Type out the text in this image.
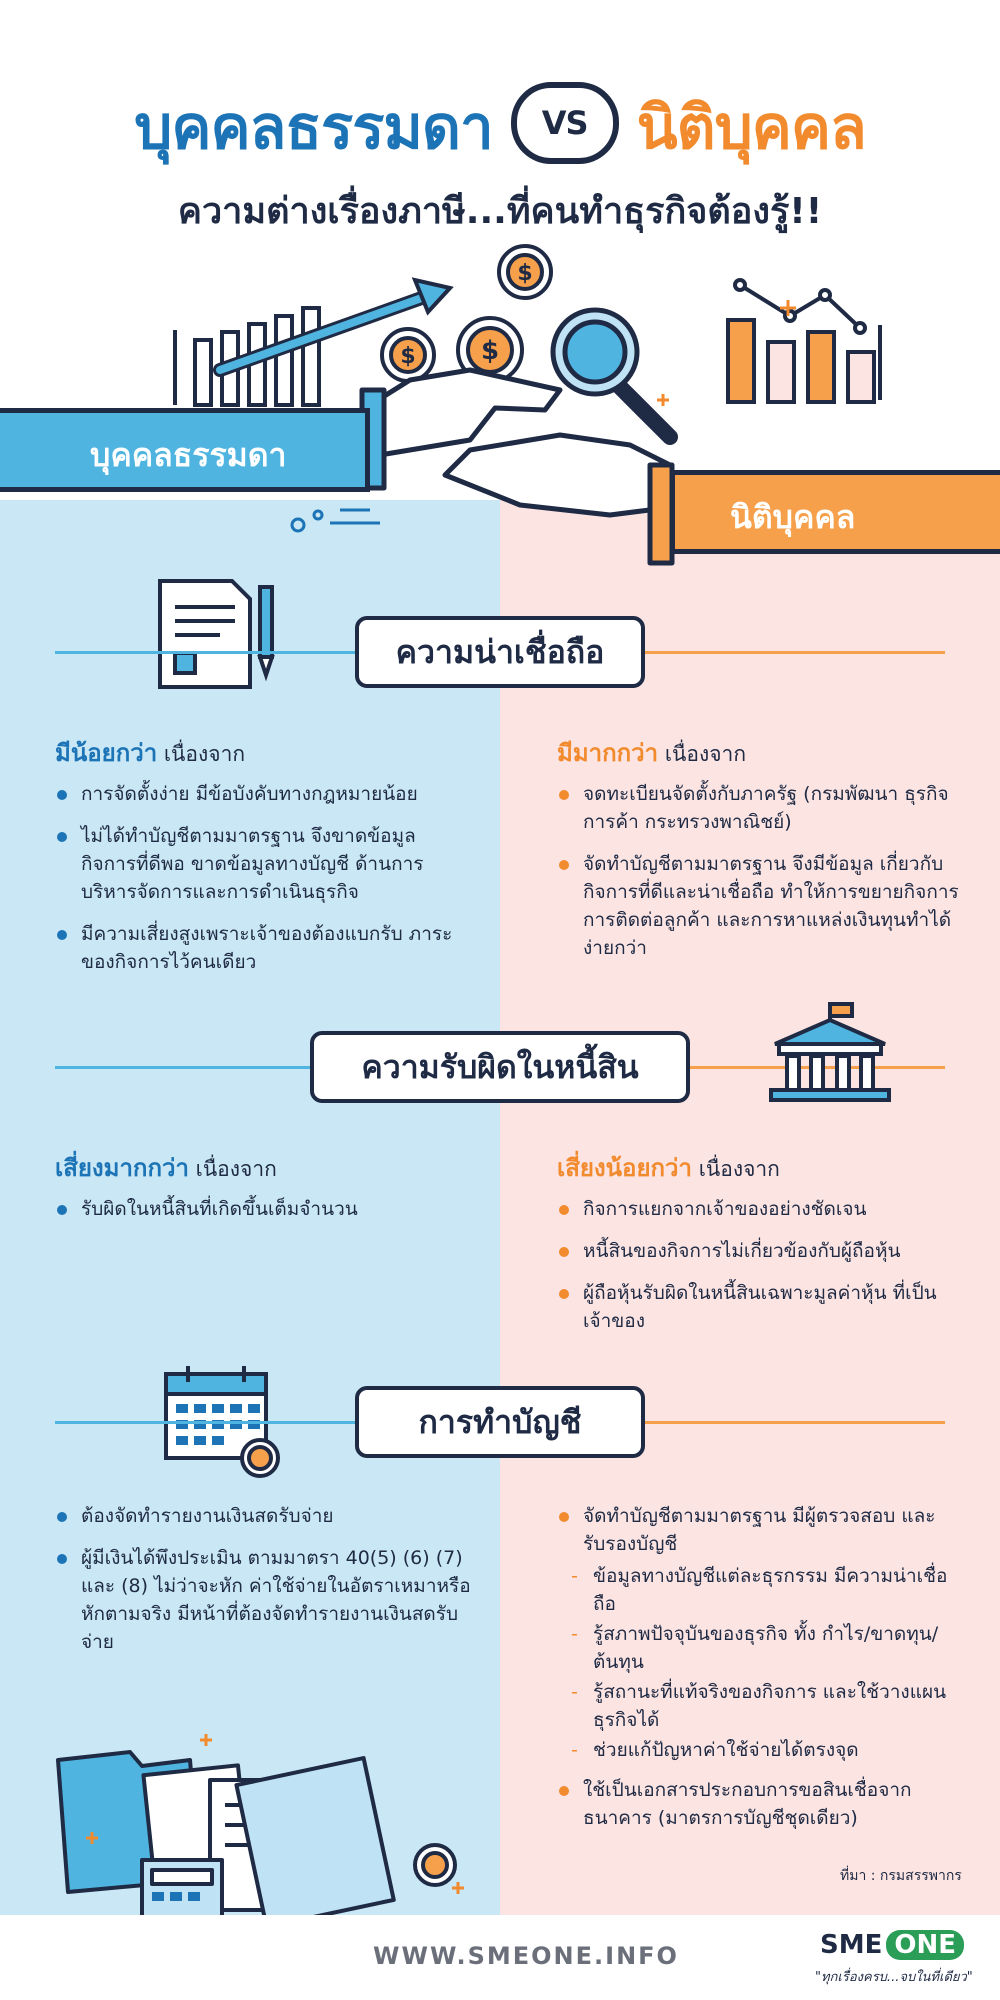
บุคคลธรรมดา VS นิติบุคคล
ความต่างเรื่องภาษี...ที่คนทำธุรกิจต้องรู้!!
$
$	$
บุคคลธรรมดา
นิติบุคคล
ความน่าเชื่อถือ
มีน้อยกว่า เนื่องจาก
การจัดตั้งง่าย มีข้อบังคับทางกฎหมายน้อย
ไม่ได้ทำบัญชีตามมาตรฐาน จึงขาดข้อมูล กิจการที่ดีพอ ขาดข้อมูลทางบัญชี ด้านการบริหารจัดการและการดำเนินธุรกิจ
มีความเสี่ยงสูงเพราะเจ้าของต้องแบกรับ ภาระของกิจการไว้คนเดียว
มีมากกว่า เนื่องจาก
จดทะเบียนจัดตั้งกับภาครัฐ (กรมพัฒนา ธุรกิจการค้า กระทรวงพาณิชย์)
จัดทำบัญชีตามมาตรฐาน จึงมีข้อมูล เกี่ยวกับกิจการที่ดีและน่าเชื่อถือ ทำให้การขยายกิจการ การติดต่อลูกค้า และการหาแหล่งเงินทุนทำได้ง่ายกว่า
ความรับผิดในหนี้สิน
เสี่ยงมากกว่า เนื่องจาก
รับผิดในหนี้สินที่เกิดขึ้นเต็มจำนวน
เสี่ยงน้อยกว่า เนื่องจาก
กิจการแยกจากเจ้าของอย่างชัดเจน
หนี้สินของกิจการไม่เกี่ยวข้องกับผู้ถือหุ้น
ผู้ถือหุ้นรับผิดในหนี้สินเฉพาะมูลค่าหุ้น ที่เป็นเจ้าของ
การทำบัญชี
ต้องจัดทำรายงานเงินสดรับจ่าย
ผู้มีเงินได้พึงประเมิน ตามมาตรา 40(5) (6) (7) และ (8) ไม่ว่าจะหัก ค่าใช้จ่ายในอัตราเหมาหรือหักตามจริง มีหน้าที่ต้องจัดทำรายงานเงินสดรับจ่าย
จัดทำบัญชีตามมาตรฐาน มีผู้ตรวจสอบ และรับรองบัญชี
- ข้อมูลทางบัญชีแต่ละธุรกรรม มีความน่าเชื่อถือ
- รู้สภาพปัจจุบันของธุรกิจ ทั้ง กำไร/ขาดทุน/ต้นทุน
- รู้สถานะที่แท้จริงของกิจการ และใช้วางแผนธุรกิจได้
- ช่วยแก้ปัญหาค่าใช้จ่ายได้ตรงจุด
ใช้เป็นเอกสารประกอบการขอสินเชื่อจาก ธนาคาร (มาตรการบัญชีชุดเดียว)
ที่มา : กรมสรรพากร
WWW.SMEONE.INFO	SME ONE
"ทุกเรื่องครบ...จบในที่เดียว"
